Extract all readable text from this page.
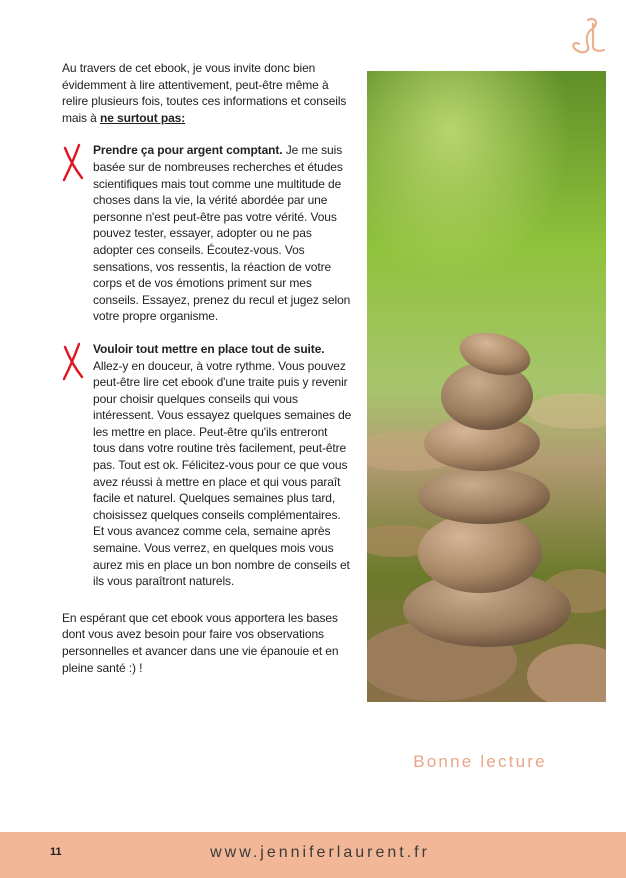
Au travers de cet ebook, je vous invite donc bien évidemment à lire attentivement, peut-être même à relire plusieurs fois, toutes ces informations et conseils mais à ne surtout pas:

Prendre ça pour argent comptant. Je me suis basée sur de nombreuses recherches et études scientifiques mais tout comme une multitude de choses dans la vie, la vérité abordée par une personne n'est peut-être pas votre vérité. Vous pouvez tester, essayer, adopter ou ne pas adopter ces conseils. Écoutez-vous. Vos sensations, vos ressentis, la réaction de votre corps et de vos émotions priment sur mes conseils. Essayez, prenez du recul et jugez selon votre propre organisme.

Vouloir tout mettre en place tout de suite. Allez-y en douceur, à votre rythme. Vous pouvez peut-être lire cet ebook d'une traite puis y revenir pour choisir quelques conseils qui vous intéressent. Vous essayez quelques semaines de les mettre en place. Peut-être qu'ils entreront tous dans votre routine très facilement, peut-être pas. Tout est ok. Félicitez-vous pour ce que vous avez réussi à mettre en place et qui vous paraît facile et naturel. Quelques semaines plus tard, choisissez quelques conseils complémentaires. Et vous avancez comme cela, semaine après semaine. Vous verrez, en quelques mois vous aurez mis en place un bon nombre de conseils et ils vous paraîtront naturels.

En espérant que cet ebook vous apportera les bases dont vous avez besoin pour faire vos observations personnelles et avancer dans une vie épanouie et en pleine santé :) !

Bonne lecture
11	www.jenniferlaurent.fr
